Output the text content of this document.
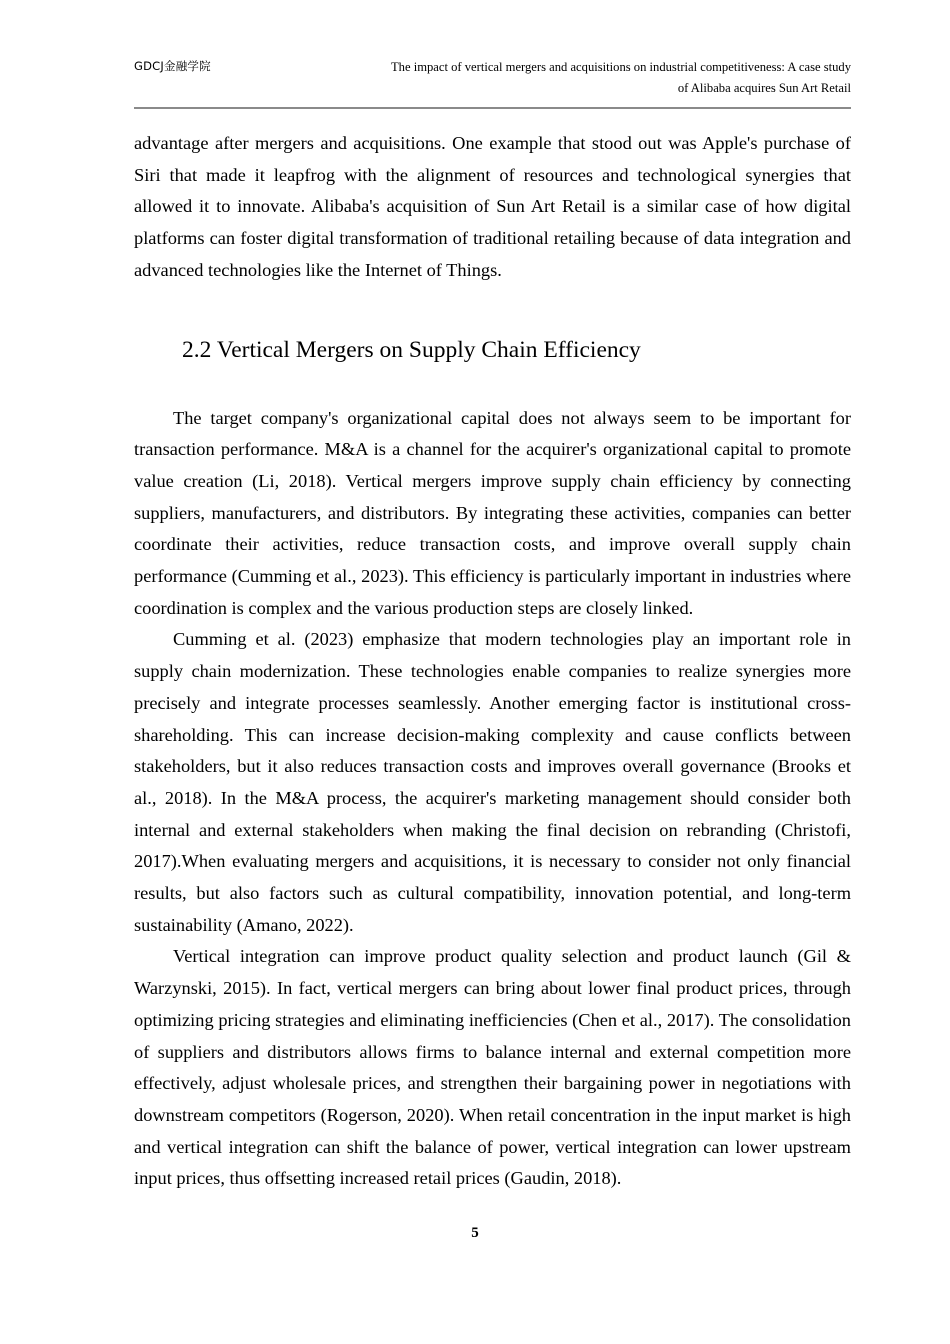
GDCJ金融学院	The impact of vertical mergers and acquisitions on industrial competitiveness: A case study
of Alibaba acquires Sun Art Retail

advantage after mergers and acquisitions. One example that stood out was Apple's purchase of Siri that made it leapfrog with the alignment of resources and technological synergies that allowed it to innovate. Alibaba's acquisition of Sun Art Retail is a similar case of how digital platforms can foster digital transformation of traditional retailing because of data integration and advanced technologies like the Internet of Things.

2.2 Vertical Mergers on Supply Chain Efficiency

The target company's organizational capital does not always seem to be important for transaction performance. M&A is a channel for the acquirer's organizational capital to promote value creation (Li, 2018). Vertical mergers improve supply chain efficiency by connecting suppliers, manufacturers, and distributors. By integrating these activities, companies can better coordinate their activities, reduce transaction costs, and improve overall supply chain performance (Cumming et al., 2023). This efficiency is particularly important in industries where coordination is complex and the various production steps are closely linked.

Cumming et al. (2023) emphasize that modern technologies play an important role in supply chain modernization. These technologies enable companies to realize synergies more precisely and integrate processes seamlessly. Another emerging factor is institutional cross-shareholding. This can increase decision-making complexity and cause conflicts between stakeholders, but it also reduces transaction costs and improves overall governance (Brooks et al., 2018). In the M&A process, the acquirer's marketing management should consider both internal and external stakeholders when making the final decision on rebranding (Christofi, 2017).When evaluating mergers and acquisitions, it is necessary to consider not only financial results, but also factors such as cultural compatibility, innovation potential, and long-term sustainability (Amano, 2022).

Vertical integration can improve product quality selection and product launch (Gil & Warzynski, 2015). In fact, vertical mergers can bring about lower final product prices, through optimizing pricing strategies and eliminating inefficiencies (Chen et al., 2017). The consolidation of suppliers and distributors allows firms to balance internal and external competition more effectively, adjust wholesale prices, and strengthen their bargaining power in negotiations with downstream competitors (Rogerson, 2020). When retail concentration in the input market is high and vertical integration can shift the balance of power, vertical integration can lower upstream input prices, thus offsetting increased retail prices (Gaudin, 2018).

5
